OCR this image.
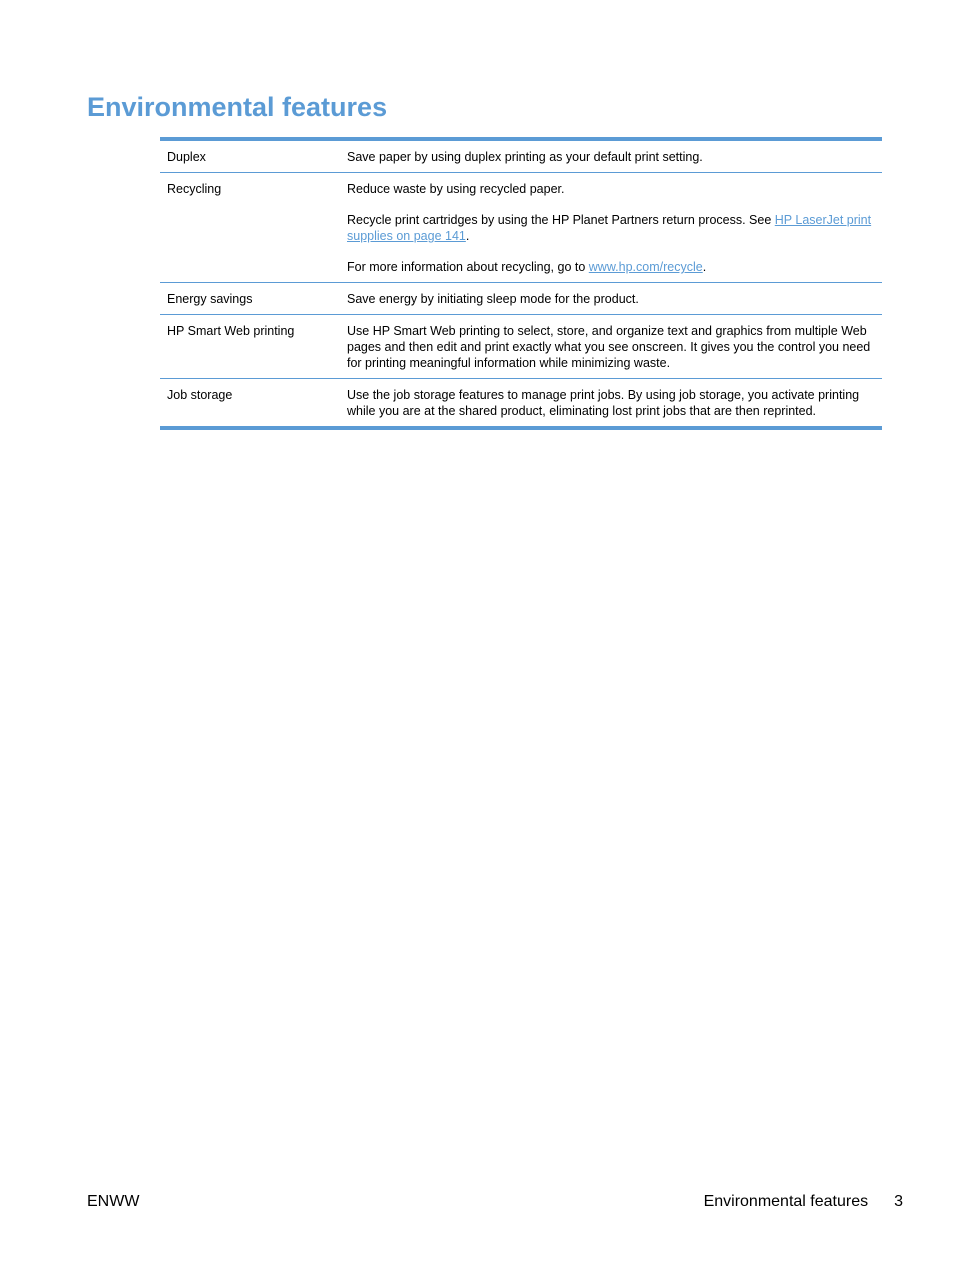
Environmental features
Duplex	Save paper by using duplex printing as your default print setting.

Recycling	Reduce waste by using recycled paper.

Recycle print cartridges by using the HP Planet Partners return process. See HP LaserJet print supplies on page 141.

For more information about recycling, go to www.hp.com/recycle.

Energy savings	Save energy by initiating sleep mode for the product.

HP Smart Web printing	Use HP Smart Web printing to select, store, and organize text and graphics from multiple Web pages and then edit and print exactly what you see onscreen. It gives you the control you need for printing meaningful information while minimizing waste.

Job storage	Use the job storage features to manage print jobs. By using job storage, you activate printing while you are at the shared product, eliminating lost print jobs that are then reprinted.

ENWW	Environmental features 3
